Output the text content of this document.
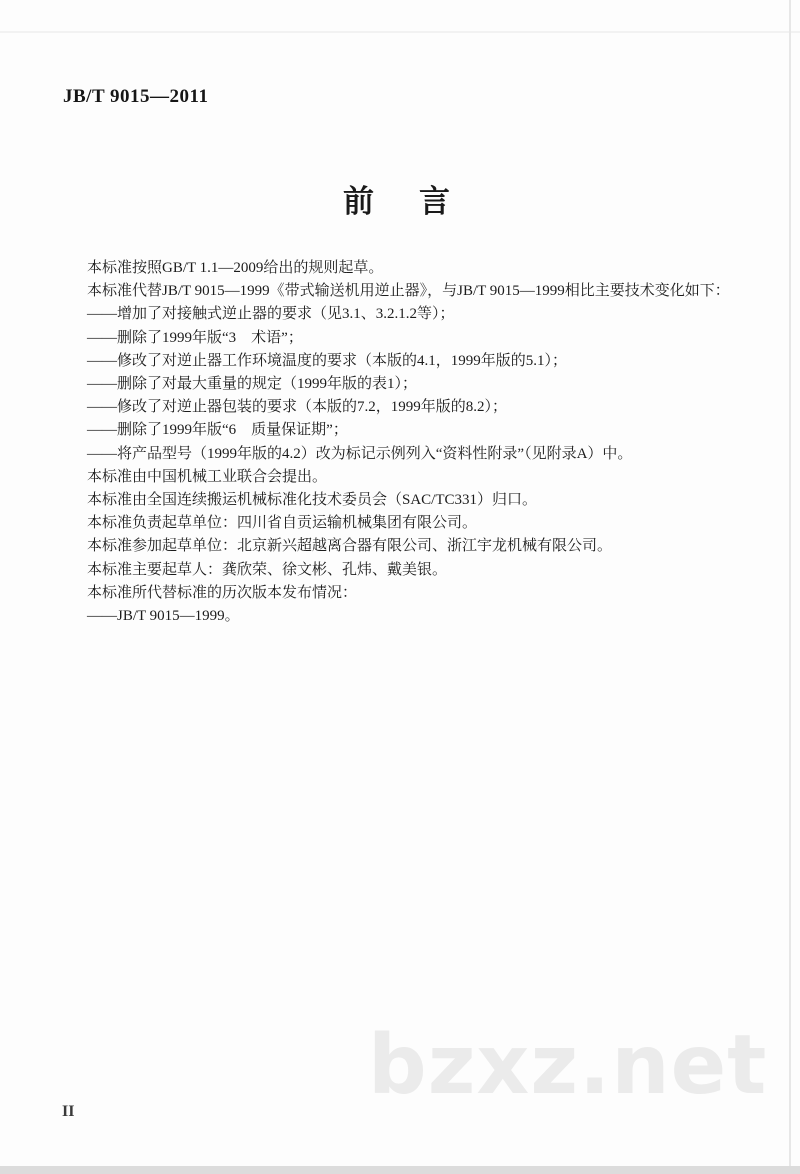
JB/T 9015—2011
前　言

本标准按照GB/T 1.1—2009给出的规则起草。

本标准代替JB/T 9015—1999《带式输送机用逆止器》，与JB/T 9015—1999相比主要技术变化如下：

——增加了对接触式逆止器的要求（见3.1、3.2.1.2等）；

——删除了1999年版“3　术语”；

——修改了对逆止器工作环境温度的要求（本版的4.1，1999年版的5.1）；

——删除了对最大重量的规定（1999年版的表1）；

——修改了对逆止器包装的要求（本版的7.2，1999年版的8.2）；

——删除了1999年版“6　质量保证期”；

——将产品型号（1999年版的4.2）改为标记示例列入“资料性附录”（见附录A）中。

本标准由中国机械工业联合会提出。

本标准由全国连续搬运机械标准化技术委员会（SAC/TC331）归口。

本标准负责起草单位：四川省自贡运输机械集团有限公司。

本标准参加起草单位：北京新兴超越离合器有限公司、浙江宇龙机械有限公司。

本标准主要起草人：龚欣荣、徐文彬、孔炜、戴美银。

本标准所代替标准的历次版本发布情况：

——JB/T 9015—1999。

bzxz.net
II
